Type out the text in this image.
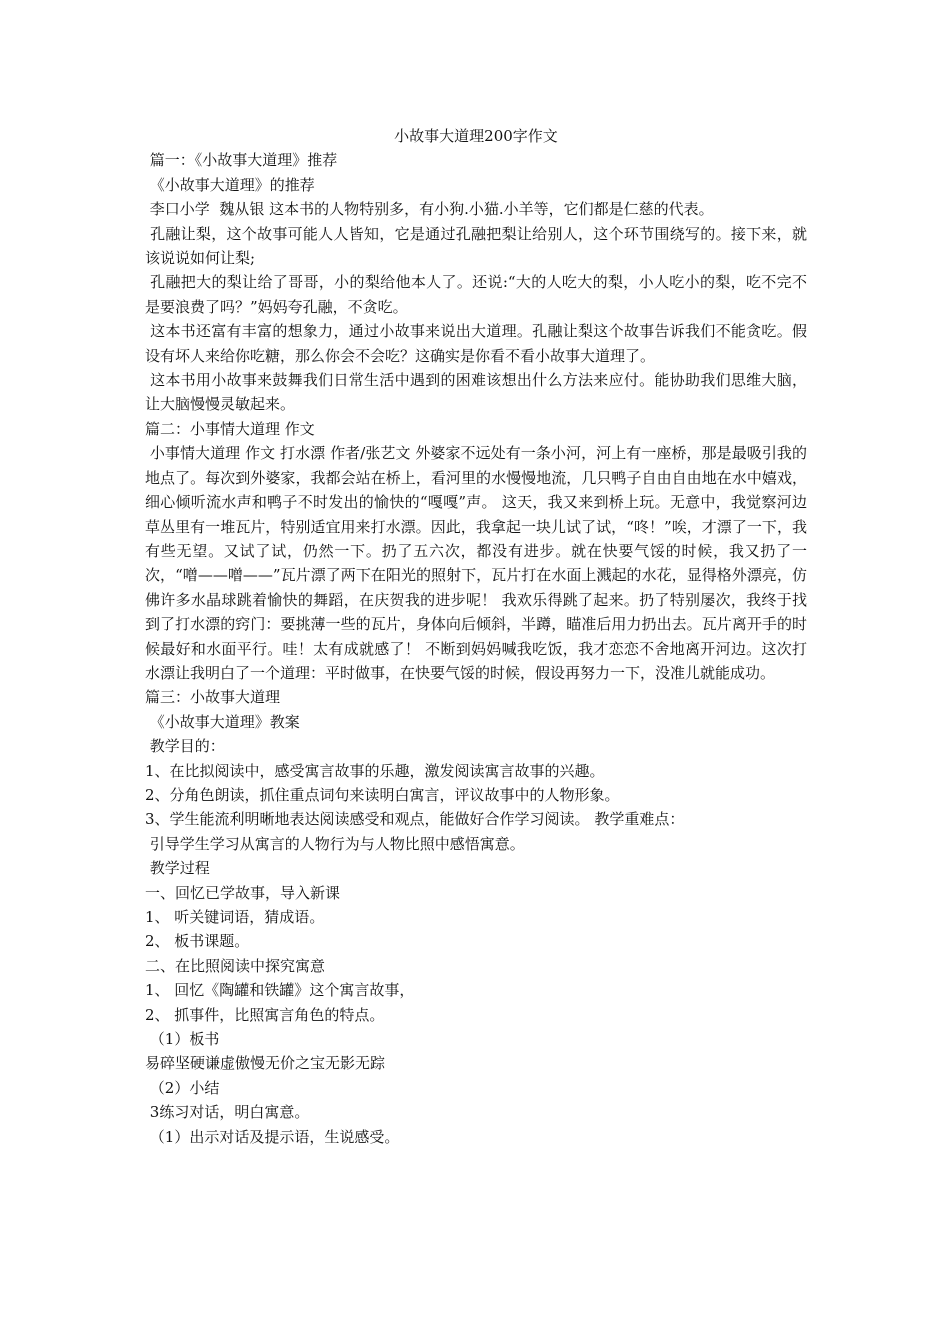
小故事大道理200字作文

篇一：《小故事大道理》推荐

《小故事大道理》的推荐

李口小学  魏从银 这本书的人物特别多，有小狗.小猫.小羊等，它们都是仁慈的代表。

孔融让梨，这个故事可能人人皆知，它是通过孔融把梨让给别人，这个环节围绕写的。接下来，就该说说如何让梨;

孔融把大的梨让给了哥哥，小的梨给他本人了。还说:“大的人吃大的梨，小人吃小的梨，吃不完不是要浪费了吗？”妈妈夸孔融，不贪吃。

这本书还富有丰富的想象力，通过小故事来说出大道理。孔融让梨这个故事告诉我们不能贪吃。假设有坏人来给你吃糖，那么你会不会吃？这确实是你看不看小故事大道理了。

这本书用小故事来鼓舞我们日常生活中遇到的困难该想出什么方法来应付。能协助我们思维大脑，让大脑慢慢灵敏起来。

篇二：小事情大道理 作文

小事情大道理 作文 打水漂 作者/张艺文 外婆家不远处有一条小河，河上有一座桥，那是最吸引我的地点了。每次到外婆家，我都会站在桥上，看河里的水慢慢地流，几只鸭子自由自由地在水中嬉戏，细心倾听流水声和鸭子不时发出的愉快的“嘎嘎”声。 这天，我又来到桥上玩。无意中，我觉察河边草丛里有一堆瓦片，特别适宜用来打水漂。因此，我拿起一块儿试了试，“咚！”唉，才漂了一下，我有些无望。又试了试，仍然一下。扔了五六次，都没有进步。就在快要气馁的时候，我又扔了一次，“噌——噌——”瓦片漂了两下在阳光的照射下，瓦片打在水面上溅起的水花，显得格外漂亮，仿佛许多水晶球跳着愉快的舞蹈，在庆贺我的进步呢！ 我欢乐得跳了起来。扔了特别屡次，我终于找到了打水漂的窍门：要挑薄一些的瓦片，身体向后倾斜，半蹲，瞄准后用力扔出去。瓦片离开手的时候最好和水面平行。哇！太有成就感了！ 不断到妈妈喊我吃饭，我才恋恋不舍地离开河边。这次打水漂让我明白了一个道理：平时做事，在快要气馁的时候，假设再努力一下，没准儿就能成功。

篇三：小故事大道理

《小故事大道理》教案

教学目的：

1、在比拟阅读中，感受寓言故事的乐趣，激发阅读寓言故事的兴趣。

2、分角色朗读，抓住重点词句来读明白寓言，评议故事中的人物形象。

3、学生能流利明晰地表达阅读感受和观点，能做好合作学习阅读。 教学重难点：

引导学生学习从寓言的人物行为与人物比照中感悟寓意。

教学过程

一、回忆已学故事，导入新课

1、 听关键词语，猜成语。

2、 板书课题。

二、在比照阅读中探究寓意

1、 回忆《陶罐和铁罐》这个寓言故事，

2、 抓事件，比照寓言角色的特点。

（1）板书

易碎坚硬谦虚傲慢无价之宝无影无踪

（2）小结

3练习对话，明白寓意。

（1）出示对话及提示语，生说感受。
